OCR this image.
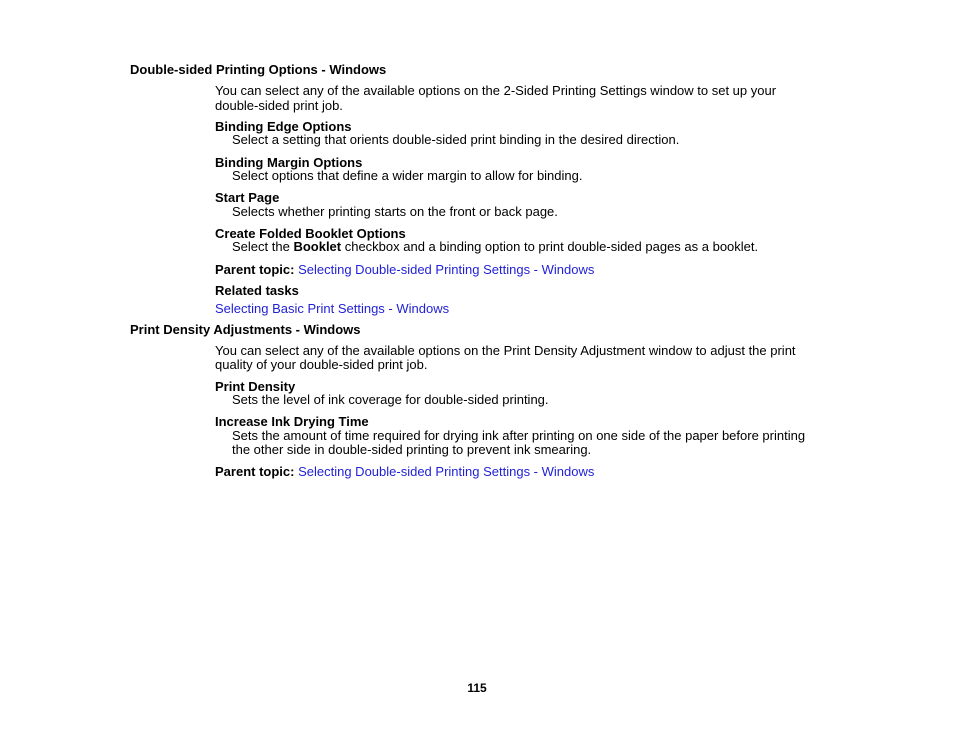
Double-sided Printing Options - Windows
You can select any of the available options on the 2-Sided Printing Settings window to set up your
double-sided print job.
Binding Edge Options
Select a setting that orients double-sided print binding in the desired direction.
Binding Margin Options
Select options that define a wider margin to allow for binding.
Start Page
Selects whether printing starts on the front or back page.
Create Folded Booklet Options
Select the Booklet checkbox and a binding option to print double-sided pages as a booklet.
Parent topic: Selecting Double-sided Printing Settings - Windows
Related tasks
Selecting Basic Print Settings - Windows
Print Density Adjustments - Windows
You can select any of the available options on the Print Density Adjustment window to adjust the print
quality of your double-sided print job.
Print Density
Sets the level of ink coverage for double-sided printing.
Increase Ink Drying Time
Sets the amount of time required for drying ink after printing on one side of the paper before printing
the other side in double-sided printing to prevent ink smearing.
Parent topic: Selecting Double-sided Printing Settings - Windows
115
